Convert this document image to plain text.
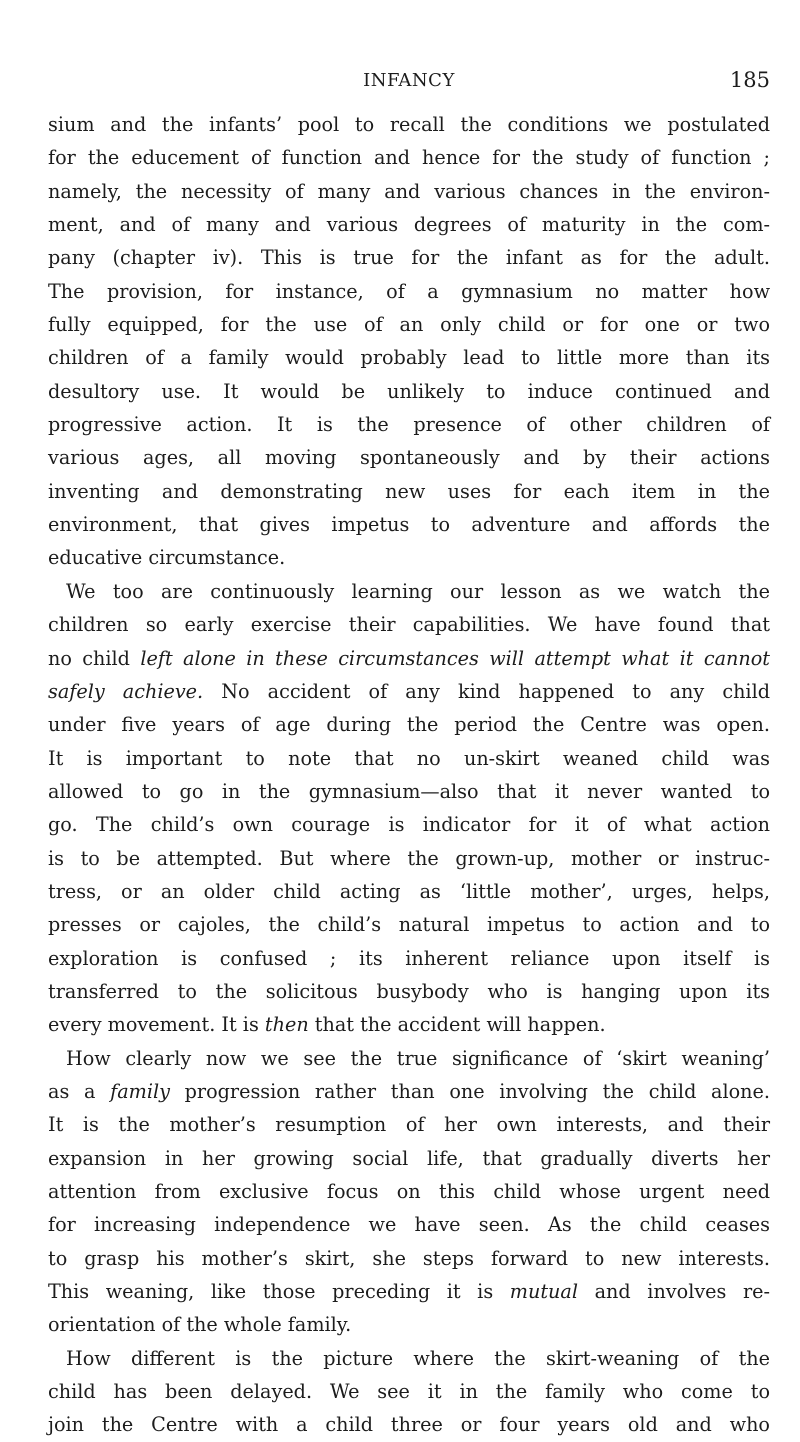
INFANCY	185
sium and the infants’ pool to recall the conditions we postulated
for the educement of function and hence for the study of function ;
namely, the necessity of many and various chances in the environ-
ment, and of many and various degrees of maturity in the com-
pany (chapter iv). This is true for the infant as for the adult.
The provision, for instance, of a gymnasium no matter how
fully equipped, for the use of an only child or for one or two
children of a family would probably lead to little more than its
desultory use. It would be unlikely to induce continued and
progressive action. It is the presence of other children of
various ages, all moving spontaneously and by their actions
inventing and demonstrating new uses for each item in the
environment, that gives impetus to adventure and affords the
educative circumstance.
We too are continuously learning our lesson as we watch the
children so early exercise their capabilities. We have found that
no child left alone in these circumstances will attempt what it cannot
safely achieve. No accident of any kind happened to any child
under five years of age during the period the Centre was open.
It is important to note that no un-skirt weaned child was
allowed to go in the gymnasium—also that it never wanted to
go. The child’s own courage is indicator for it of what action
is to be attempted. But where the grown-up, mother or instruc-
tress, or an older child acting as ‘little mother’, urges, helps,
presses or cajoles, the child’s natural impetus to action and to
exploration is confused ; its inherent reliance upon itself is
transferred to the solicitous busybody who is hanging upon its
every movement. It is then that the accident will happen.
How clearly now we see the true significance of ‘skirt weaning’
as a family progression rather than one involving the child alone.
It is the mother’s resumption of her own interests, and their
expansion in her growing social life, that gradually diverts her
attention from exclusive focus on this child whose urgent need
for increasing independence we have seen. As the child ceases
to grasp his mother’s skirt, she steps forward to new interests.
This weaning, like those preceding it is mutual and involves re-
orientation of the whole family.
How different is the picture where the skirt-weaning of the
child has been delayed. We see it in the family who come to
join the Centre with a child three or four years old and who
